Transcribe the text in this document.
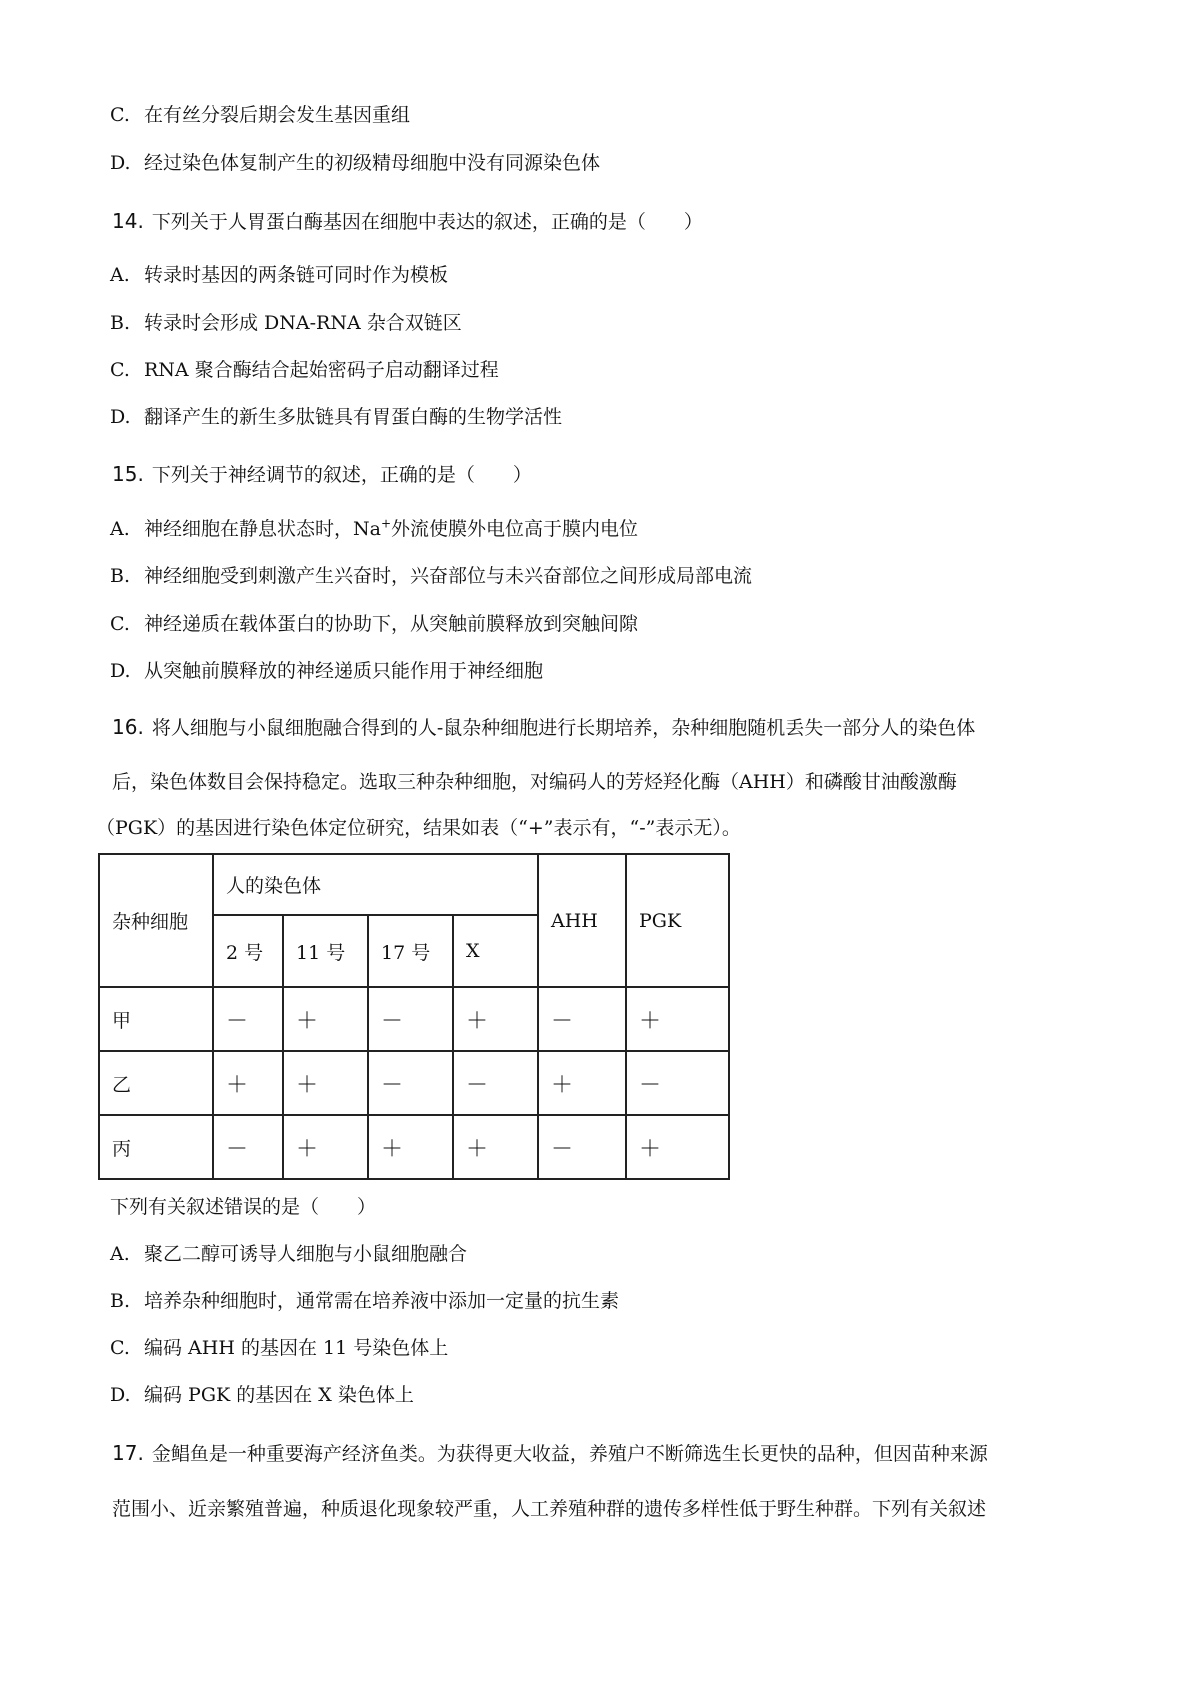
C. 在有丝分裂后期会发生基因重组
D. 经过染色体复制产生的初级精母细胞中没有同源染色体
14. 下列关于人胃蛋白酶基因在细胞中表达的叙述，正确的是（　　）
A. 转录时基因的两条链可同时作为模板
B. 转录时会形成 DNA-RNA 杂合双链区
C. RNA 聚合酶结合起始密码子启动翻译过程
D. 翻译产生的新生多肽链具有胃蛋白酶的生物学活性
15. 下列关于神经调节的叙述，正确的是（　　）
A. 神经细胞在静息状态时，Na+外流使膜外电位高于膜内电位
B. 神经细胞受到刺激产生兴奋时，兴奋部位与未兴奋部位之间形成局部电流
C. 神经递质在载体蛋白的协助下，从突触前膜释放到突触间隙
D. 从突触前膜释放的神经递质只能作用于神经细胞
16. 将人细胞与小鼠细胞融合得到的人-鼠杂种细胞进行长期培养，杂种细胞随机丢失一部分人的染色体
后，染色体数目会保持稳定。选取三种杂种细胞，对编码人的芳烃羟化酶（AHH）和磷酸甘油酸激酶
（PGK）的基因进行染色体定位研究，结果如表（“+”表示有，“-”表示无）。
杂种细胞	人的染色体				AHH	PGK
	2 号	11 号	17 号	X		
甲	－	＋	－	＋	－	＋
乙	＋	＋	－	－	＋	－
丙	－	＋	＋	＋	－	＋
下列有关叙述错误的是（　　）
A. 聚乙二醇可诱导人细胞与小鼠细胞融合
B. 培养杂种细胞时，通常需在培养液中添加一定量的抗生素
C. 编码 AHH 的基因在 11 号染色体上
D. 编码 PGK 的基因在 X 染色体上
17. 金鲳鱼是一种重要海产经济鱼类。为获得更大收益，养殖户不断筛选生长更快的品种，但因苗种来源
范围小、近亲繁殖普遍，种质退化现象较严重，人工养殖种群的遗传多样性低于野生种群。下列有关叙述
